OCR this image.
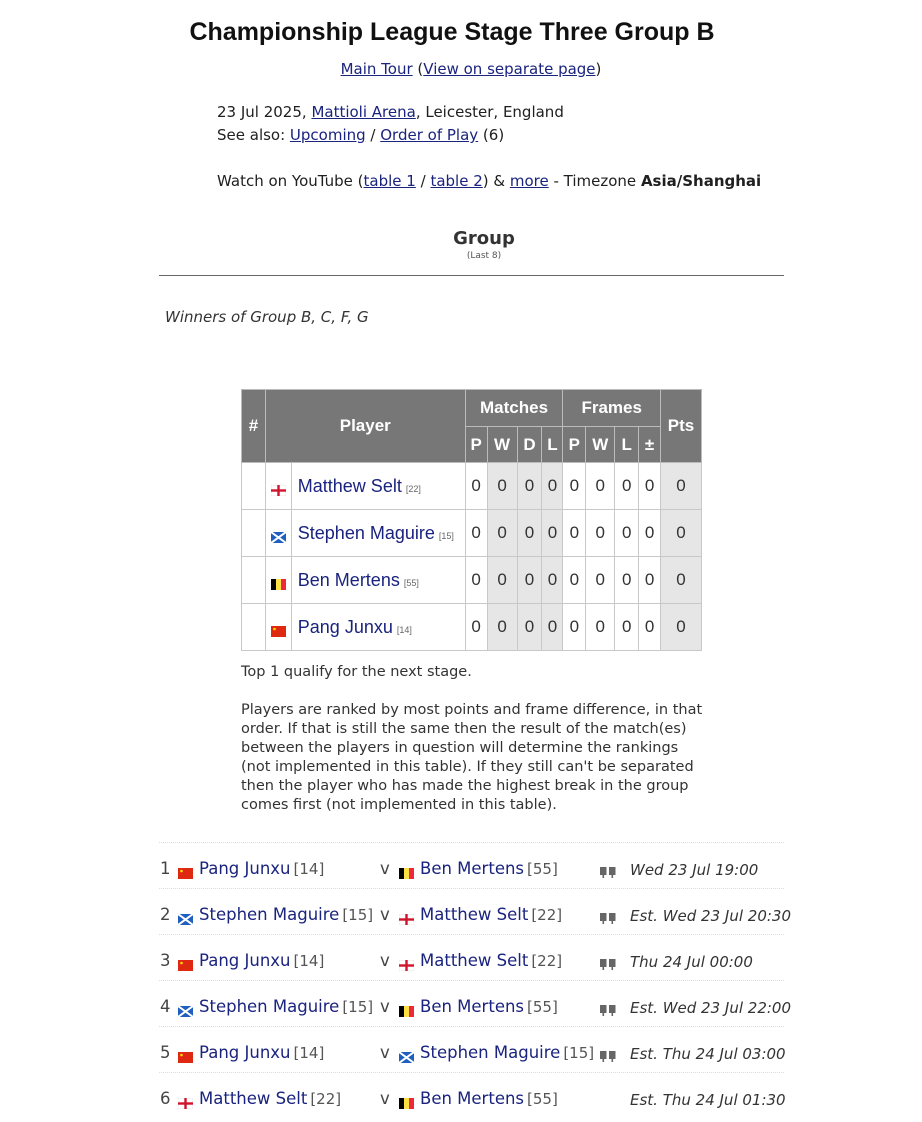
Championship League Stage Three Group B
Main Tour (View on separate page)
23 Jul 2025, Mattioli Arena, Leicester, England
See also: Upcoming / Order of Play (6)
Watch on YouTube (table 1 / table 2) & more - Timezone Asia/Shanghai
Group
(Last 8)
Winners of Group B, C, F, G
#	Player		Matches				Frames				Pts
			P	W	D	L	P	W	L	±	
		Matthew Selt [22]	0	0	0	0	0	0	0	0	0
		Stephen Maguire [15]	0	0	0	0	0	0	0	0	0
		Ben Mertens [55]	0	0	0	0	0	0	0	0	0
		Pang Junxu [14]	0	0	0	0	0	0	0	0	0
Top 1 qualify for the next stage.
Players are ranked by most points and frame difference, in that order. If that is still the same then the result of the match(es) between the players in question will determine the rankings (not implemented in this table). If they still can't be separated then the player who has made the highest break in the group comes first (not implemented in this table).
1	Pang Junxu [14]	v	Ben Mertens [55]	Wed 23 Jul 19:00
2	Stephen Maguire [15] v	Matthew Selt [22]	Est. Wed 23 Jul 20:30
3	Pang Junxu [14]	v	Matthew Selt [22]	Thu 24 Jul 00:00
4	Stephen Maguire [15] v	Ben Mertens [55]	Est. Wed 23 Jul 22:00
5	Pang Junxu [14]	v	Stephen Maguire [15] Est. Thu 24 Jul 03:00
6	Matthew Selt [22] v	Ben Mertens [55]	Est. Thu 24 Jul 01:30
